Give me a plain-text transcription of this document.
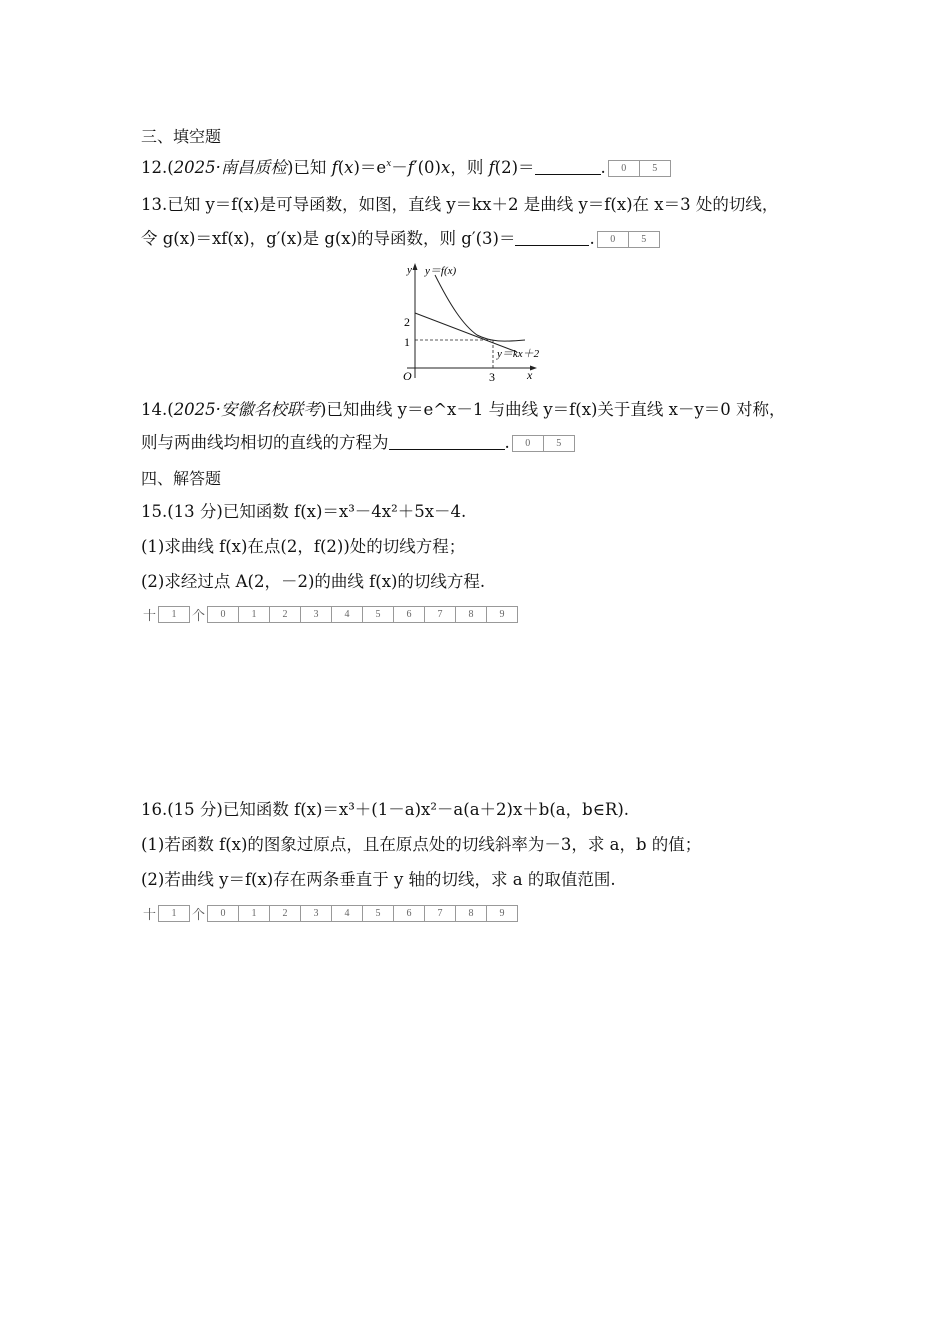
三、填空题
12.(2025·南昌质检)已知 $f(x)=e^x-f'(0)x$，则 f(2)＝	.	0	5
13.已知 y＝f(x)是可导函数，如图，直线 y＝kx＋2 是曲线 y＝f(x)在 x＝3 处的切线，
令 g(x)＝xf(x)，g′(x)是 g(x)的导函数，则 g′(3)＝	.	0	5
y y＝f(x)
2
1
y＝kx＋2
O	3	x
14.(2025·安徽名校联考)已知曲线 y＝e^x－1 与曲线 y＝f(x)关于直线 x－y＝0 对称，
则与两曲线均相切的直线的方程为	.	0	5
四、解答题
15.(13 分)已知函数 f(x)＝x³－4x²＋5x－4.
(1)求曲线 f(x)在点(2，f(2))处的切线方程；
(2)求经过点 A(2，－2)的曲线 f(x)的切线方程.
十	1	个	0	1	2	3	4	5	6	7	8	9
16.(15 分)已知函数 f(x)＝x³＋(1－a)x²－a(a＋2)x＋b(a，b∈R).
(1)若函数 f(x)的图象过原点，且在原点处的切线斜率为－3，求 a，b 的值；
(2)若曲线 y＝f(x)存在两条垂直于 y 轴的切线，求 a 的取值范围.
十	1	个	0	1	2	3	4	5	6	7	8	9
